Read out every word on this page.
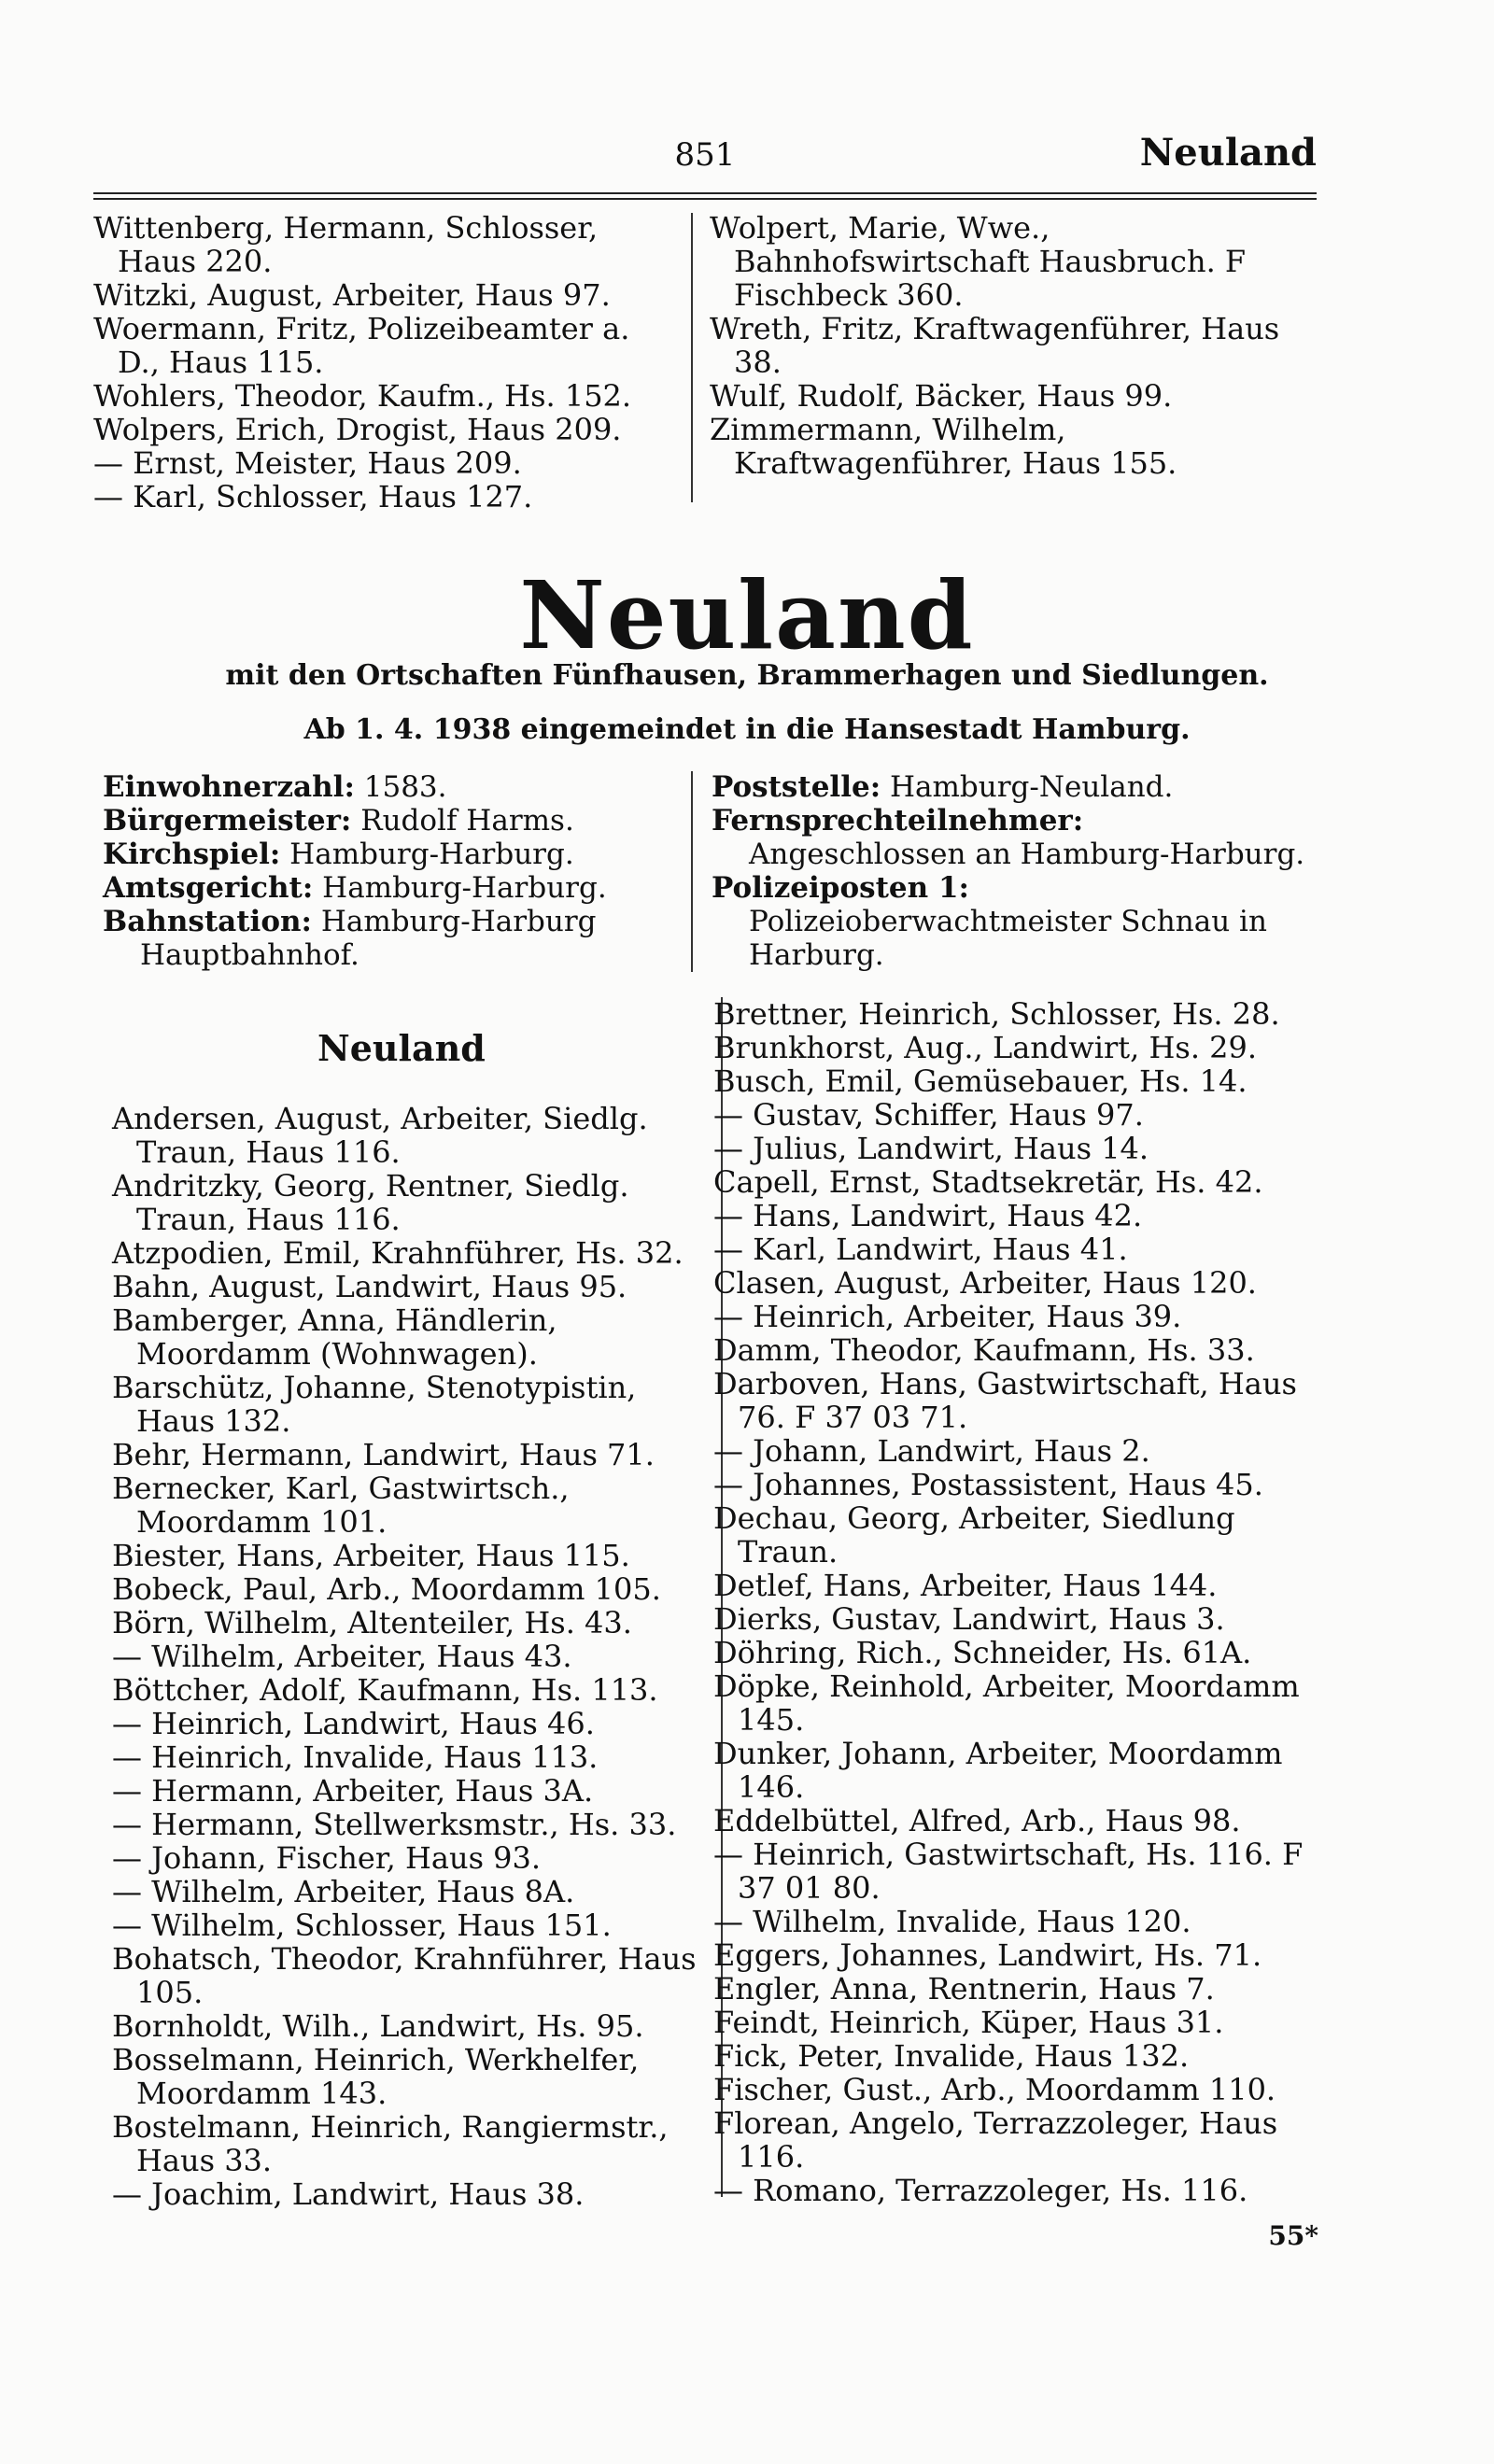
851	Neuland
Wittenberg, Hermann, Schlosser, Haus 220.
Witzki, August, Arbeiter, Haus 97.
Woermann, Fritz, Polizeibeamter a. D., Haus 115.
Wohlers, Theodor, Kaufm., Hs. 152.
Wolpers, Erich, Drogist, Haus 209.
— Ernst, Meister, Haus 209.
— Karl, Schlosser, Haus 127.
Wolpert, Marie, Wwe., Bahnhofswirtschaft Hausbruch. F Fischbeck 360.
Wreth, Fritz, Kraftwagenführer, Haus 38.
Wulf, Rudolf, Bäcker, Haus 99.
Zimmermann, Wilhelm, Kraftwagenführer, Haus 155.
Neuland
mit den Ortschaften Fünfhausen, Brammerhagen und Siedlungen.
Ab 1. 4. 1938 eingemeindet in die Hansestadt Hamburg.
Einwohnerzahl: 1583.
Bürgermeister: Rudolf Harms.
Kirchspiel: Hamburg-Harburg.
Amtsgericht: Hamburg-Harburg.
Bahnstation: Hamburg-Harburg Hauptbahnhof.
Poststelle: Hamburg-Neuland.
Fernsprechteilnehmer: Angeschlossen an Hamburg-Harburg.
Polizeiposten 1: Polizeioberwachtmeister Schnau in Harburg.
Neuland
Andersen, August, Arbeiter, Siedlg. Traun, Haus 116.
Andritzky, Georg, Rentner, Siedlg. Traun, Haus 116.
Atzpodien, Emil, Krahnführer, Hs. 32.
Bahn, August, Landwirt, Haus 95.
Bamberger, Anna, Händlerin, Moordamm (Wohnwagen).
Barschütz, Johanne, Stenotypistin, Haus 132.
Behr, Hermann, Landwirt, Haus 71.
Bernecker, Karl, Gastwirtsch., Moordamm 101.
Biester, Hans, Arbeiter, Haus 115.
Bobeck, Paul, Arb., Moordamm 105.
Börn, Wilhelm, Altenteiler, Hs. 43.
— Wilhelm, Arbeiter, Haus 43.
Böttcher, Adolf, Kaufmann, Hs. 113.
— Heinrich, Landwirt, Haus 46.
— Heinrich, Invalide, Haus 113.
— Hermann, Arbeiter, Haus 3A.
— Hermann, Stellwerksmstr., Hs. 33.
— Johann, Fischer, Haus 93.
— Wilhelm, Arbeiter, Haus 8A.
— Wilhelm, Schlosser, Haus 151.
Bohatsch, Theodor, Krahnführer, Haus 105.
Bornholdt, Wilh., Landwirt, Hs. 95.
Bosselmann, Heinrich, Werkhelfer, Moordamm 143.
Bostelmann, Heinrich, Rangiermstr., Haus 33.
— Joachim, Landwirt, Haus 38.
Brettner, Heinrich, Schlosser, Hs. 28.
Brunkhorst, Aug., Landwirt, Hs. 29.
Busch, Emil, Gemüsebauer, Hs. 14.
— Gustav, Schiffer, Haus 97.
— Julius, Landwirt, Haus 14.
Capell, Ernst, Stadtsekretär, Hs. 42.
— Hans, Landwirt, Haus 42.
— Karl, Landwirt, Haus 41.
Clasen, August, Arbeiter, Haus 120.
— Heinrich, Arbeiter, Haus 39.
Damm, Theodor, Kaufmann, Hs. 33.
Darboven, Hans, Gastwirtschaft, Haus 76. F 37 03 71.
— Johann, Landwirt, Haus 2.
— Johannes, Postassistent, Haus 45.
Dechau, Georg, Arbeiter, Siedlung Traun.
Detlef, Hans, Arbeiter, Haus 144.
Dierks, Gustav, Landwirt, Haus 3.
Döhring, Rich., Schneider, Hs. 61A.
Döpke, Reinhold, Arbeiter, Moordamm 145.
Dunker, Johann, Arbeiter, Moordamm 146.
Eddelbüttel, Alfred, Arb., Haus 98.
— Heinrich, Gastwirtschaft, Hs. 116. F 37 01 80.
— Wilhelm, Invalide, Haus 120.
Eggers, Johannes, Landwirt, Hs. 71.
Engler, Anna, Rentnerin, Haus 7.
Feindt, Heinrich, Küper, Haus 31.
Fick, Peter, Invalide, Haus 132.
Fischer, Gust., Arb., Moordamm 110.
Florean, Angelo, Terrazzoleger, Haus 116.
— Romano, Terrazzoleger, Hs. 116.
55*
